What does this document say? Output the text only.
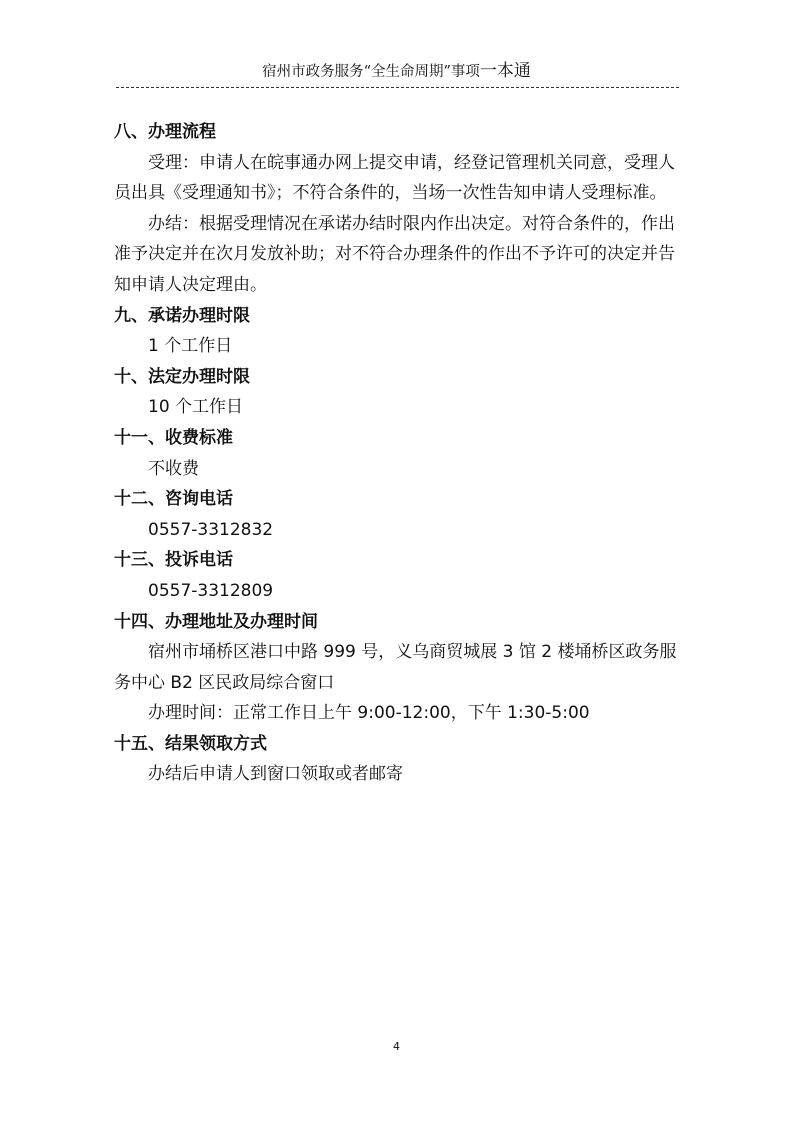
宿州市政务服务“全生命周期”事项一本通

八、办理流程

受理：申请人在皖事通办网上提交申请，经登记管理机关同意，受理人员出具《受理通知书》；不符合条件的，当场一次性告知申请人受理标准。

办结：根据受理情况在承诺办结时限内作出决定。对符合条件的，作出准予决定并在次月发放补助；对不符合办理条件的作出不予许可的决定并告知申请人决定理由。

九、承诺办理时限

1 个工作日

十、法定办理时限

10 个工作日

十一、收费标准

不收费

十二、咨询电话

0557-3312832

十三、投诉电话

0557-3312809

十四、办理地址及办理时间

宿州市埇桥区港口中路 999 号，义乌商贸城展 3 馆 2 楼埇桥区政务服务中心 B2 区民政局综合窗口

办理时间：正常工作日上午 9:00-12:00，下午 1:30-5:00

十五、结果领取方式

办结后申请人到窗口领取或者邮寄

4
